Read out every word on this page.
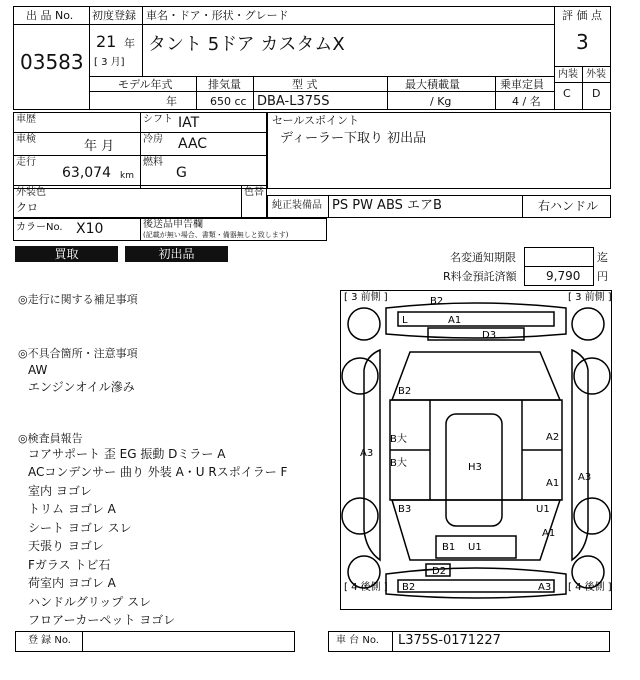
出 品 No.
03583
初度登録
21 年
[ 3 月]
車名・ドア・形状・グレード
タント 5ドア カスタムX
モデル年式
年
排気量
650 cc
型 式
DBA-L375S
最大積載量
/ Kg
乗車定員
4 / 名
評 価 点
3
内装 外装
C D
車歴
車検	年 月
走行
63,074 km
シフト IAT
冷房 AAC
燃料
G
セールスポイント
ディーラー下取り 初出品
外装色
クロ
色替
純正装備品 PS PW ABS エアB	右ハンドル
カラーNo. X10	後送品申告欄
(記載が無い場合、書類・備器無しと致します)
買取	初出品	名変通知期限	迄
R料金預託済額 9,790 円
◎走行に関する補足事項
◎不具合箇所・注意事項
AW
エンジンオイル滲み
◎検査員報告
コアサポート 歪 EG 振動 Dミラー A
ACコンデンサー 曲り 外装 A・U Rスポイラー F
室内 ヨゴレ
トリム ヨゴレ A
シート ヨゴレ スレ
天張り ヨゴレ
Fガラス トビ石
荷室内 ヨゴレ A
ハンドルグリップ スレ
フロアーカーペット ヨゴレ
[ 3 前側 ]	[ 3 前側 ]
[ 4 後側 ]	[ 4 後側 ]
B2
L	A1
D3
B2
A3
B大
B大	H3
A2
A3
A1
B3	U1
A1
B1 U1
D2
B2	A3
登 録 No.	車 台 No. L375S-0171227
